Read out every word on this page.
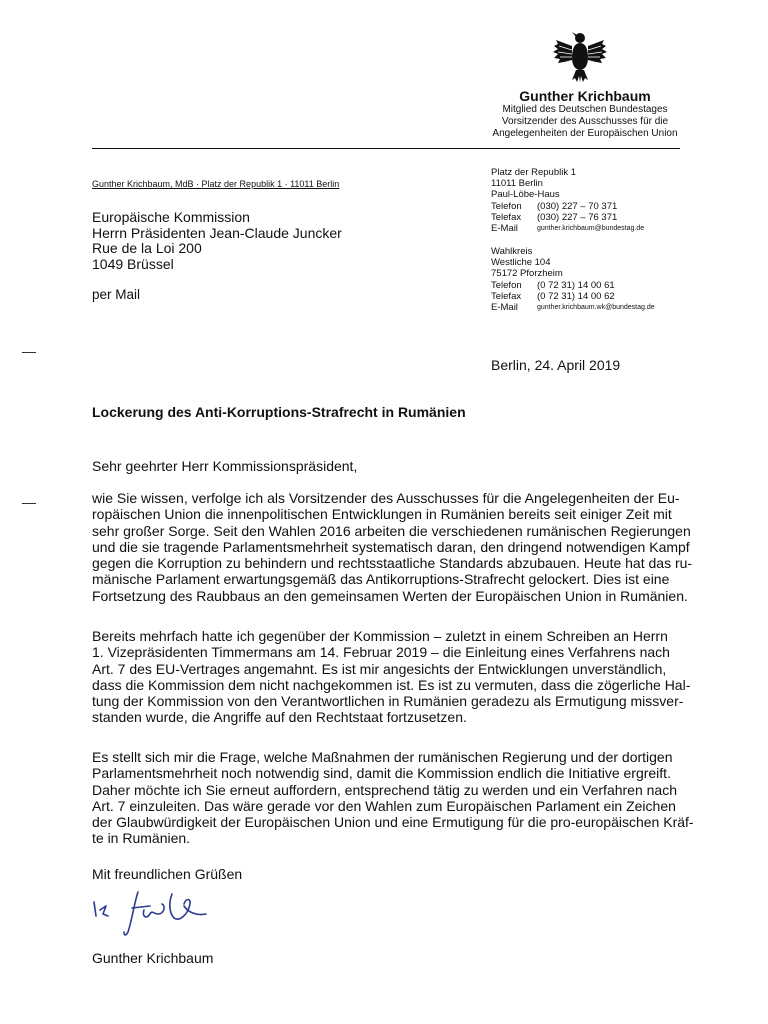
Gunther Krichbaum
Mitglied des Deutschen Bundestages
Vorsitzender des Ausschusses für die
Angelegenheiten der Europäischen Union
Gunther Krichbaum, MdB · Platz der Republik 1 · 11011 Berlin
Europäische Kommission
Herrn Präsidenten Jean-Claude Juncker
Rue de la Loi 200
1049 Brüssel
per Mail
Platz der Republik 1
11011 Berlin
Paul-Löbe-Haus
Telefon	(030) 227 – 70 371
Telefax	(030) 227 – 76 371
E-Mail	gunther.krichbaum@bundestag.de
Wahlkreis
Westliche 104
75172 Pforzheim
Telefon	(0 72 31) 14 00 61
Telefax	(0 72 31) 14 00 62
E-Mail	gunther.krichbaum.wk@bundestag.de
Berlin, 24. April 2019
Lockerung des Anti-Korruptions-Strafrecht in Rumänien
Sehr geehrter Herr Kommissionspräsident,
wie Sie wissen, verfolge ich als Vorsitzender des Ausschusses für die Angelegenheiten der Eu-
ropäischen Union die innenpolitischen Entwicklungen in Rumänien bereits seit einiger Zeit mit
sehr großer Sorge. Seit den Wahlen 2016 arbeiten die verschiedenen rumänischen Regierungen
und die sie tragende Parlamentsmehrheit systematisch daran, den dringend notwendigen Kampf
gegen die Korruption zu behindern und rechtsstaatliche Standards abzubauen. Heute hat das ru-
mänische Parlament erwartungsgemäß das Antikorruptions-Strafrecht gelockert. Dies ist eine
Fortsetzung des Raubbaus an den gemeinsamen Werten der Europäischen Union in Rumänien.
Bereits mehrfach hatte ich gegenüber der Kommission – zuletzt in einem Schreiben an Herrn
1. Vizepräsidenten Timmermans am 14. Februar 2019 – die Einleitung eines Verfahrens nach
Art. 7 des EU-Vertrages angemahnt. Es ist mir angesichts der Entwicklungen unverständlich,
dass die Kommission dem nicht nachgekommen ist. Es ist zu vermuten, dass die zögerliche Hal-
tung der Kommission von den Verantwortlichen in Rumänien geradezu als Ermutigung missver-
standen wurde, die Angriffe auf den Rechtstaat fortzusetzen.
Es stellt sich mir die Frage, welche Maßnahmen der rumänischen Regierung und der dortigen
Parlamentsmehrheit noch notwendig sind, damit die Kommission endlich die Initiative ergreift.
Daher möchte ich Sie erneut auffordern, entsprechend tätig zu werden und ein Verfahren nach
Art. 7 einzuleiten. Das wäre gerade vor den Wahlen zum Europäischen Parlament ein Zeichen
der Glaubwürdigkeit der Europäischen Union und eine Ermutigung für die pro-europäischen Kräf-
te in Rumänien.
Mit freundlichen Grüßen
Gunther Krichbaum
